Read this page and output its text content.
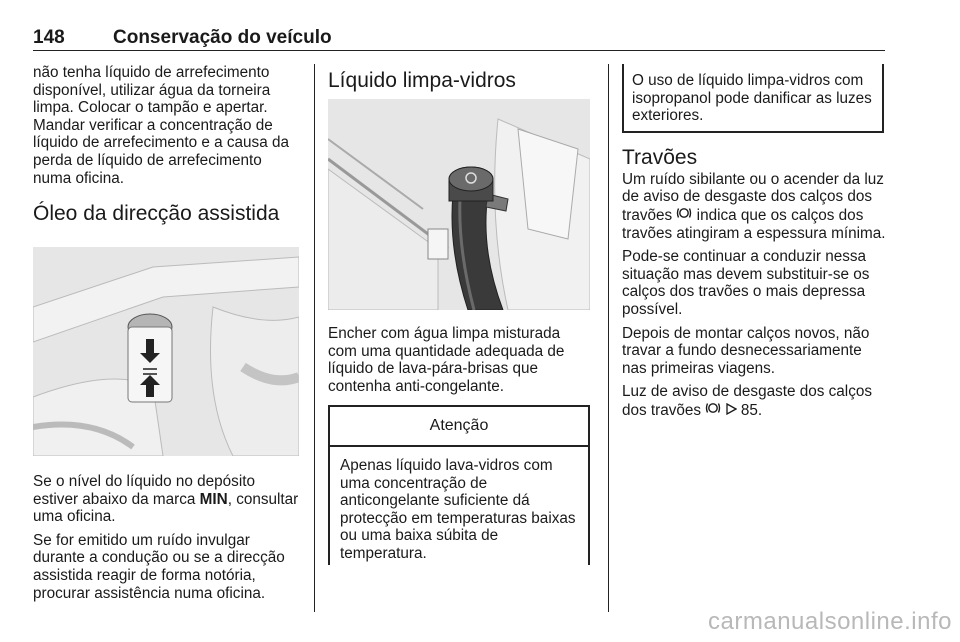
148	Conservação do veículo

não tenha líquido de arrefecimento disponível, utilizar água da torneira limpa. Colocar o tampão e apertar. Mandar verificar a concentração de líquido de arrefecimento e a causa da perda de líquido de arrefecimento numa oficina.

Óleo da direcção assistida

Se o nível do líquido no depósito estiver abaixo da marca MIN, consultar uma oficina.

Se for emitido um ruído invulgar durante a condução ou se a direcção assistida reagir de forma notória, procurar assistência numa oficina.

Líquido limpa-vidros

Encher com água limpa misturada com uma quantidade adequada de líquido de lava-pára-brisas que contenha anti-congelante.

Atenção

Apenas líquido lava-vidros com uma concentração de anticongelante suficiente dá protecção em temperaturas baixas ou uma baixa súbita de temperatura.

O uso de líquido limpa-vidros com isopropanol pode danificar as luzes exteriores.

Travões

Um ruído sibilante ou o acender da luz de aviso de desgaste dos calços dos travões  indica que os calços dos travões atingiram a espessura mínima.

Pode-se continuar a conduzir nessa situação mas devem substituir-se os calços dos travões o mais depressa possível.

Depois de montar calços novos, não travar a fundo desnecessariamente nas primeiras viagens.

Luz de aviso de desgaste dos calços dos travões   85.

carmanualsonline.info
